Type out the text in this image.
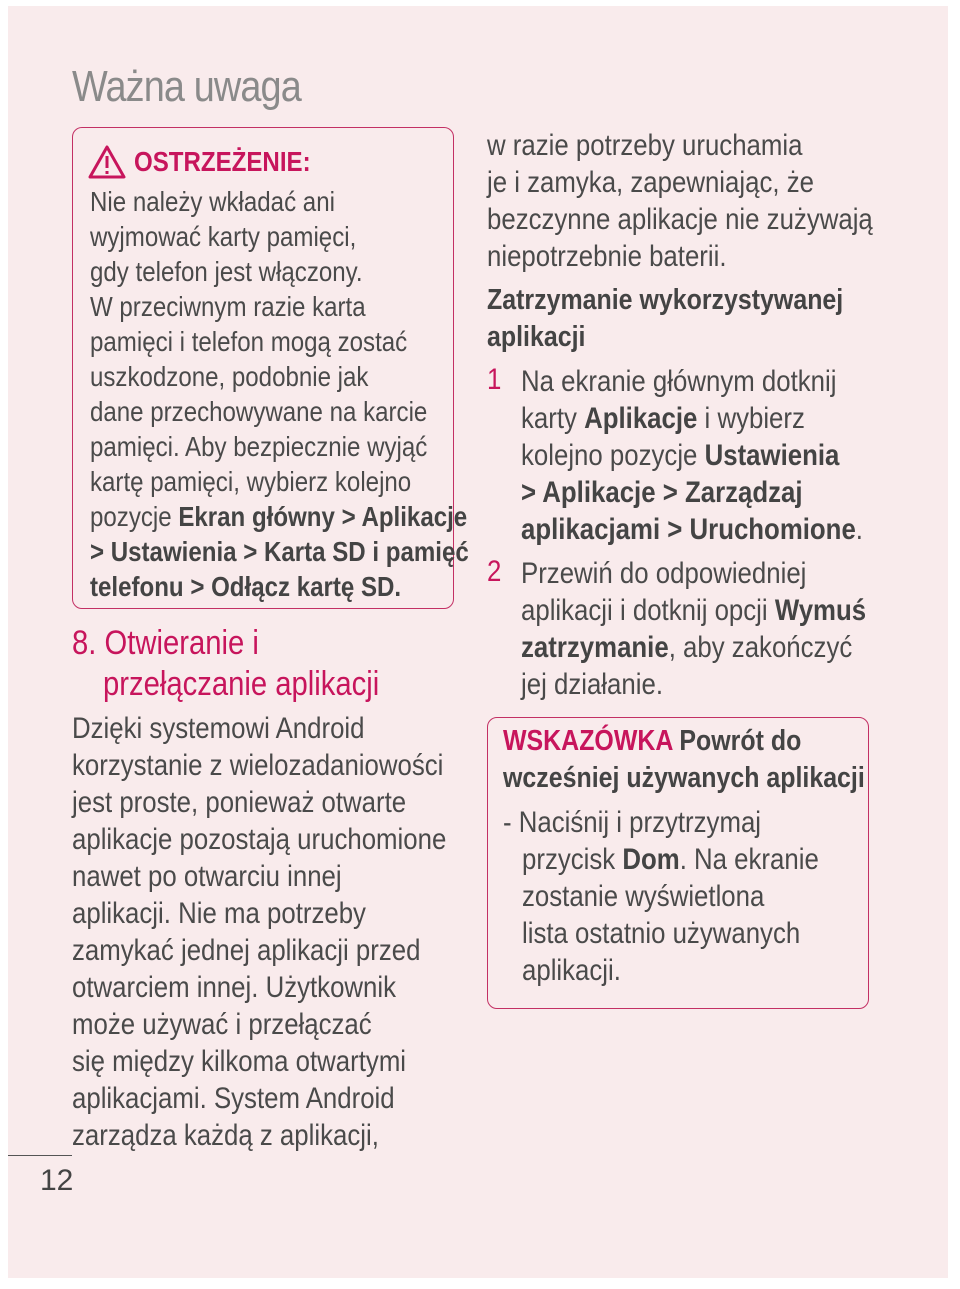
Ważna uwaga
OSTRZEŻENIE:
Nie należy wkładać ani
wyjmować karty pamięci,
gdy telefon jest włączony.
W przeciwnym razie karta
pamięci i telefon mogą zostać
uszkodzone, podobnie jak
dane przechowywane na karcie
pamięci. Aby bezpiecznie wyjąć
kartę pamięci, wybierz kolejno
pozycje Ekran główny > Aplikacje
> Ustawienia > Karta SD i pamięć
telefonu > Odłącz kartę SD.
8. Otwieranie i
przełączanie aplikacji
Dzięki systemowi Android
korzystanie z wielozadaniowości
jest proste, ponieważ otwarte
aplikacje pozostają uruchomione
nawet po otwarciu innej
aplikacji. Nie ma potrzeby
zamykać jednej aplikacji przed
otwarciem innej. Użytkownik
może używać i przełączać
się między kilkoma otwartymi
aplikacjami. System Android
zarządza każdą z aplikacji,
12
w razie potrzeby uruchamia
je i zamyka, zapewniając, że
bezczynne aplikacje nie zużywają
niepotrzebnie baterii.
Zatrzymanie wykorzystywanej
aplikacji
1 Na ekranie głównym dotknij
karty Aplikacje i wybierz
kolejno pozycje Ustawienia
> Aplikacje > Zarządzaj
aplikacjami > Uruchomione.
2 Przewiń do odpowiedniej
aplikacji i dotknij opcji Wymuś
zatrzymanie, aby zakończyć
jej działanie.
WSKAZÓWKA Powrót do
wcześniej używanych aplikacji
- Naciśnij i przytrzymaj
przycisk Dom. Na ekranie
zostanie wyświetlona
lista ostatnio używanych
aplikacji.
